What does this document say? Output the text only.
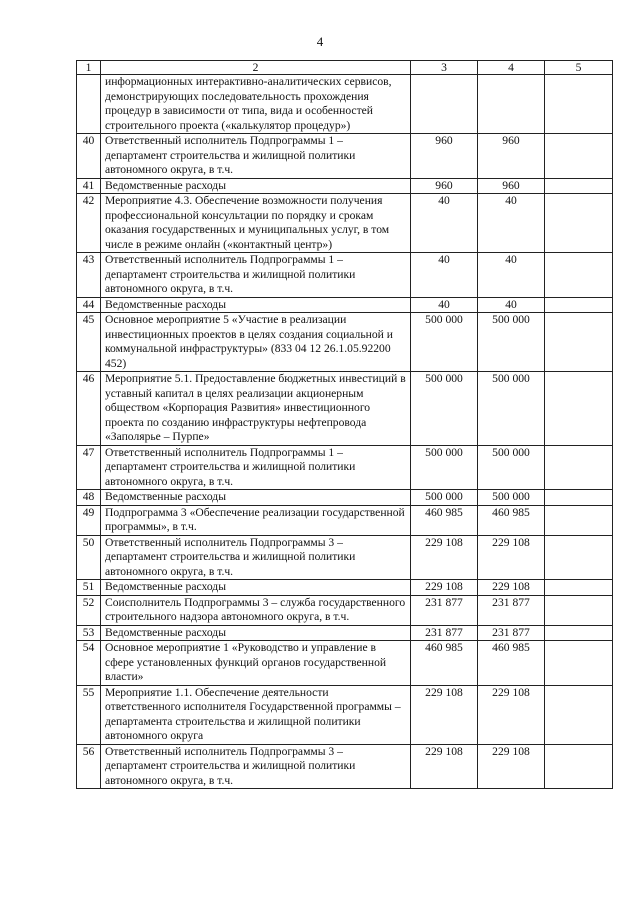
4
1	2	3	4	5
	информационных интерактивно-аналитических сервисов, демонстрирующих последовательность прохождения процедур в зависимости от типа, вида и особенностей строительного проекта («калькулятор процедур»)			
40	Ответственный исполнитель Подпрограммы 1 – департамент строительства и жилищной политики автономного округа, в т.ч.	960	960	
41	Ведомственные расходы	960	960	
42	Мероприятие 4.3. Обеспечение возможности получения профессиональной консультации по порядку и срокам оказания государственных и муниципальных услуг, в том числе в режиме онлайн («контактный центр»)	40	40	
43	Ответственный исполнитель Подпрограммы 1 – департамент строительства и жилищной политики автономного округа, в т.ч.	40	40	
44	Ведомственные расходы	40	40	
45	Основное мероприятие 5 «Участие в реализации инвестиционных проектов в целях создания социальной и коммунальной инфраструктуры» (833 04 12 26.1.05.92200 452)	500 000	500 000	
46	Мероприятие 5.1. Предоставление бюджетных инвестиций в уставный капитал в целях реализации акционерным обществом «Корпорация Развития» инвестиционного проекта по созданию инфраструктуры нефтепровода «Заполярье – Пурпе»	500 000	500 000	
47	Ответственный исполнитель Подпрограммы 1 – департамент строительства и жилищной политики автономного округа, в т.ч.	500 000	500 000	
48	Ведомственные расходы	500 000	500 000	
49	Подпрограмма 3 «Обеспечение реализации государственной программы», в т.ч.	460 985	460 985	
50	Ответственный исполнитель Подпрограммы 3 – департамент строительства и жилищной политики автономного округа, в т.ч.	229 108	229 108	
51	Ведомственные расходы	229 108	229 108	
52	Соисполнитель Подпрограммы 3 – служба государственного строительного надзора автономного округа, в т.ч.	231 877	231 877	
53	Ведомственные расходы	231 877	231 877	
54	Основное мероприятие 1 «Руководство и управление в сфере установленных функций органов государственной власти»	460 985	460 985	
55	Мероприятие 1.1. Обеспечение деятельности ответственного исполнителя Государственной программы – департамента строительства и жилищной политики автономного округа	229 108	229 108	
56	Ответственный исполнитель Подпрограммы 3 – департамент строительства и жилищной политики автономного округа, в т.ч.	229 108	229 108	
